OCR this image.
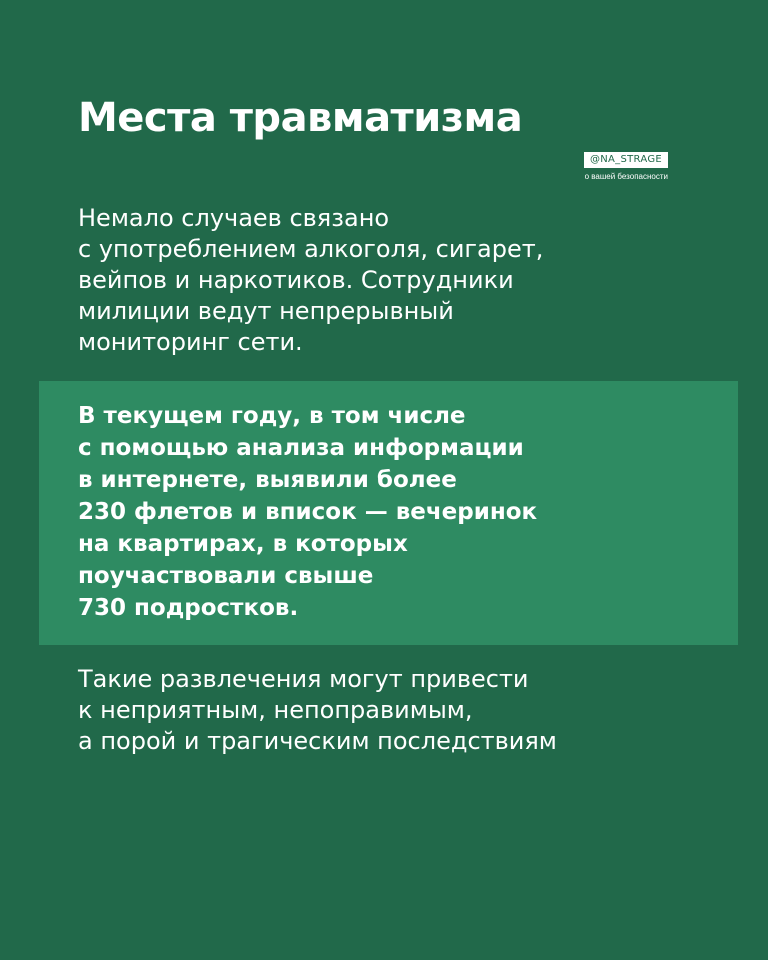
Места травматизма
@NA_STRAGE
о вашей безопасности

Немало случаев связано
с употреблением алкоголя, сигарет,
вейпов и наркотиков. Сотрудники
милиции ведут непрерывный
мониторинг сети.

В текущем году, в том числе
с помощью анализа информации
в интернете, выявили более
230 флетов и вписок — вечеринок
на квартирах, в которых
поучаствовали свыше
730 подростков.

Такие развлечения могут привести
к неприятным, непоправимым,
а порой и трагическим последствиям
